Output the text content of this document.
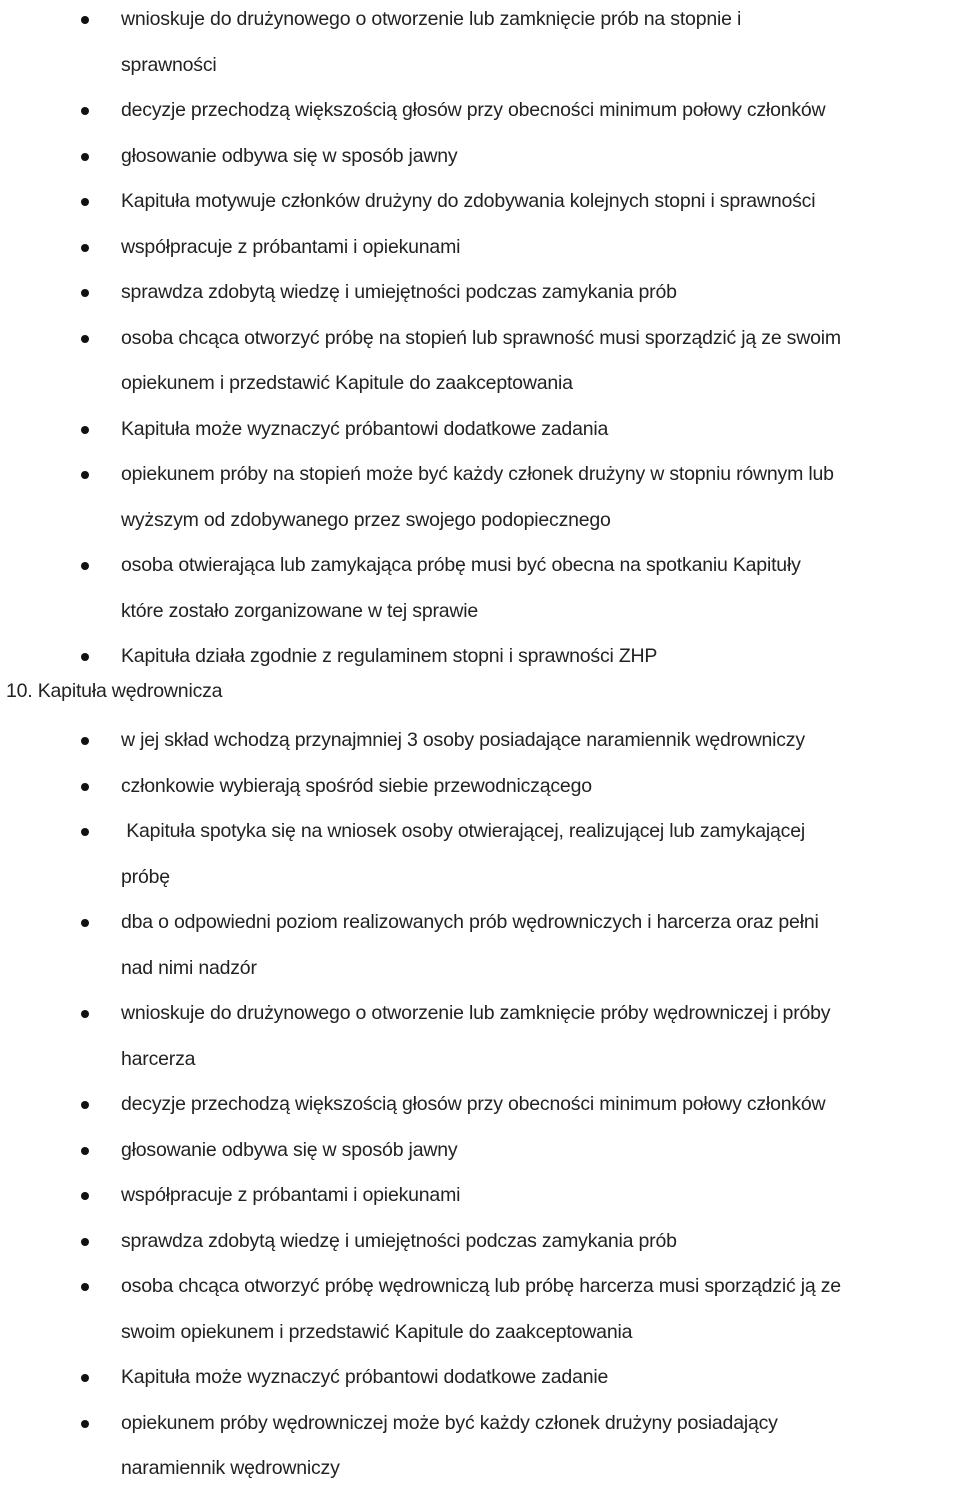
wnioskuje do drużynowego o otworzenie lub zamknięcie prób na stopnie i
sprawności
decyzje przechodzą większością głosów przy obecności minimum połowy członków
głosowanie odbywa się w sposób jawny
Kapituła motywuje członków drużyny do zdobywania kolejnych stopni i sprawności
współpracuje z próbantami i opiekunami
sprawdza zdobytą wiedzę i umiejętności podczas zamykania prób
osoba chcąca otworzyć próbę na stopień lub sprawność musi sporządzić ją ze swoim
opiekunem i przedstawić Kapitule do zaakceptowania
Kapituła może wyznaczyć próbantowi dodatkowe zadania
opiekunem próby na stopień może być każdy członek drużyny w stopniu równym lub
wyższym od zdobywanego przez swojego podopiecznego
osoba otwierająca lub zamykająca próbę musi być obecna na spotkaniu Kapituły
które zostało zorganizowane w tej sprawie
Kapituła działa zgodnie z regulaminem stopni i sprawności ZHP
10. Kapituła wędrownicza
w jej skład wchodzą przynajmniej 3 osoby posiadające naramiennik wędrowniczy
członkowie wybierają spośród siebie przewodniczącego
Kapituła spotyka się na wniosek osoby otwierającej, realizującej lub zamykającej
próbę
dba o odpowiedni poziom realizowanych prób wędrowniczych i harcerza oraz pełni
nad nimi nadzór
wnioskuje do drużynowego o otworzenie lub zamknięcie próby wędrowniczej i próby
harcerza
decyzje przechodzą większością głosów przy obecności minimum połowy członków
głosowanie odbywa się w sposób jawny
współpracuje z próbantami i opiekunami
sprawdza zdobytą wiedzę i umiejętności podczas zamykania prób
osoba chcąca otworzyć próbę wędrowniczą lub próbę harcerza musi sporządzić ją ze
swoim opiekunem i przedstawić Kapitule do zaakceptowania
Kapituła może wyznaczyć próbantowi dodatkowe zadanie
opiekunem próby wędrowniczej może być każdy członek drużyny posiadający
naramiennik wędrowniczy
